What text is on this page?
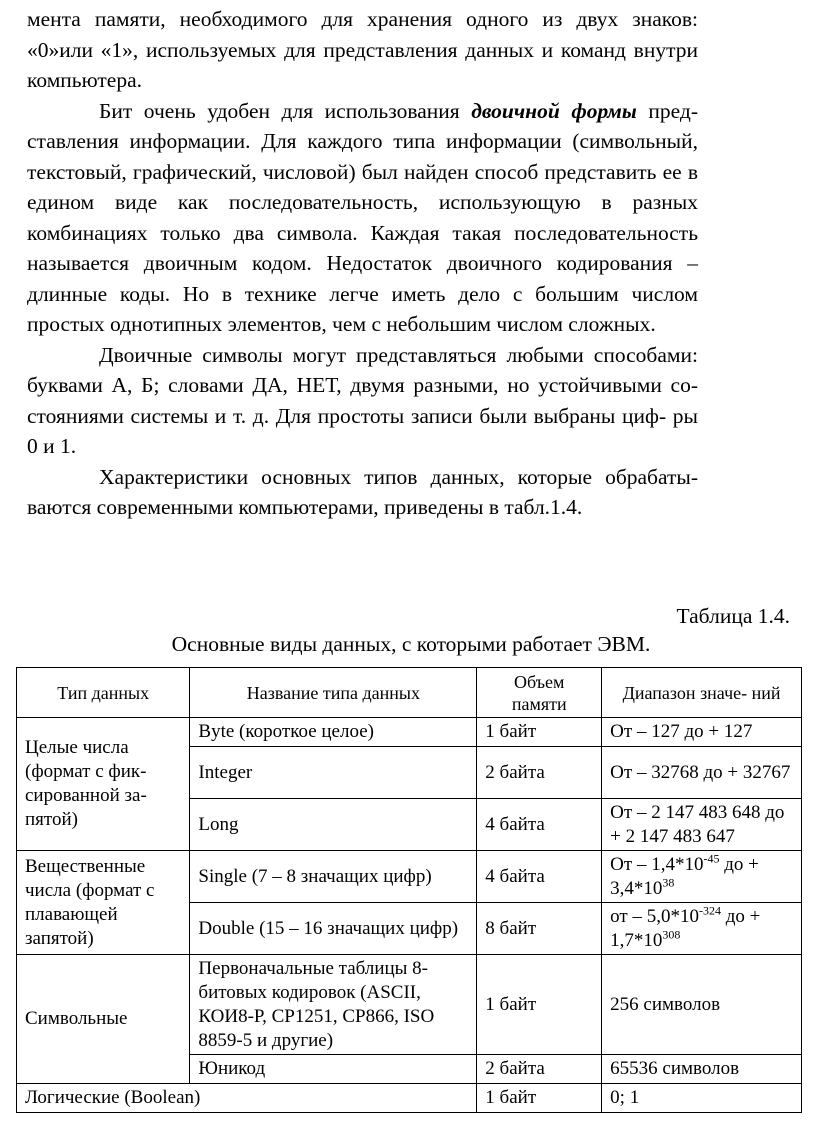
мента памяти, необходимого для хранения одного из двух знаков: «0»или «1», используемых для представления данных и команд внутри компьютера.

Бит очень удобен для использования двоичной формы пред- ставления информации. Для каждого типа информации (символьный, текстовый, графический, числовой) был найден способ представить ее в едином виде как последовательность, использующую в разных комбинациях только два символа. Каждая такая последовательность называется двоичным кодом. Недостаток двоичного кодирования – длинные коды. Но в технике легче иметь дело с большим числом простых однотипных элементов, чем с небольшим числом сложных.

Двоичные символы могут представляться любыми способами: буквами А, Б; словами ДА, НЕТ, двумя разными, но устойчивыми со-стояниями системы и т. д. Для простоты записи были выбраны циф- ры 0 и 1.

Характеристики основных типов данных, которые обрабаты- ваются современными компьютерами, приведены в табл.1.4.

Таблица 1.4.
Основные виды данных, с которыми работает ЭВМ.
Тип данных	Название типа данных	Объем памяти	Диапазон значе- ний
Целые числа (формат с фик- сированной за- пятой)	Byte (короткое целое)	1 байт	От – 127 до + 127
	Integer	2 байта	От – 32768 до + 32767
	Long	4 байта	От – 2 147 483 648 до + 2 147 483 647
Вещественные числа (формат с плавающей запятой)	Single (7 – 8 значащих цифр)	4 байта	От – $1,4*10^{-45}$ до + $3,4*10^{38}$
	Double (15 – 16 значащих цифр)	8 байт	от – $5,0*10^{-324}$ до + $1,7*10^{308}$
Символьные	Первоначальные таблицы 8-битовых кодировок (ASCII, КОИ8-Р, СР1251, СР866, ISO 8859-5 и другие)	1 байт	256 символов
	Юникод	2 байта	65536 символов
Логические (Boolean)		1 байт	0; 1
